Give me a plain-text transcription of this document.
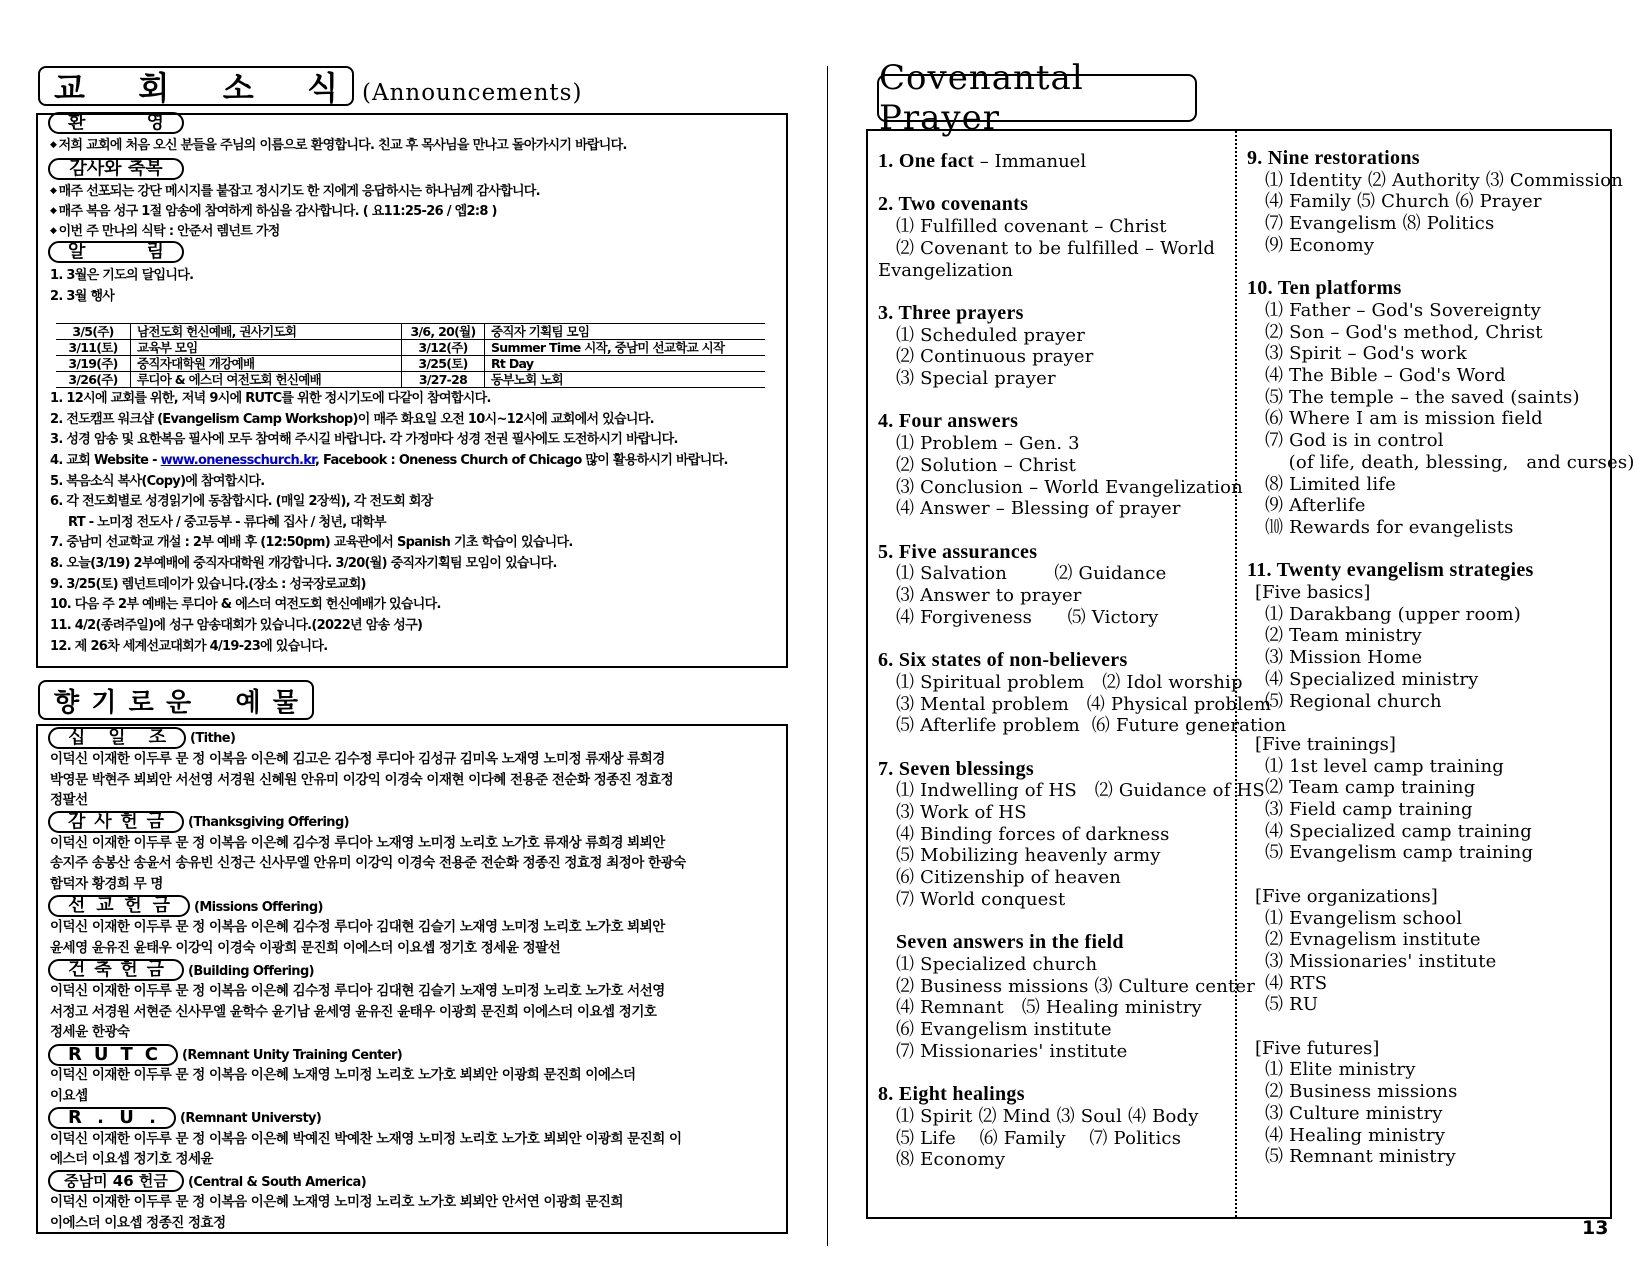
교 회 소 식 (Announcements)
환	영
◆ 저희 교회에 처음 오신 분들을 주님의 이름으로 환영합니다. 친교 후 목사님을 만나고 돌아가시기 바랍니다.
감사와 축복
◆ 매주 선포되는 강단 메시지를 붙잡고 정시기도 한 지에게 응답하시는 하나님께 감사합니다.
◆ 매주 복음 성구 1절 암송에 참여하게 하심을 감사합니다. ( 요11:25-26 / 엡2:8 )
◆ 이번 주 만나의 식탁 : 안준서 렘넌트 가정
알	림
1. 3월은 기도의 달입니다.
2. 3월 행사
3/5(주)	남전도회 헌신예배, 권사기도회	3/6, 20(월)	중직자 기획팀 모임
3/11(토)	교육부 모임	3/12(주)	Summer Time 시작, 중남미 선교학교 시작
3/19(주)	중직자대학원 개강예배	3/25(토)	Rt Day
3/26(주)	루디아 & 에스더 여전도회 헌신예배	3/27-28	동부노회 노회
1. 12시에 교회를 위한, 저녁 9시에 RUTC를 위한 정시기도에 다같이 참여합시다.
2. 전도캠프 워크샵 (Evangelism Camp Workshop)이 매주 화요일 오전 10시~12시에 교회에서 있습니다.
3. 성경 암송 및 요한복음 필사에 모두 참여해 주시길 바랍니다. 각 가정마다 성경 전권 필사에도 도전하시기 바랍니다.
4. 교회 Website - www.onenesschurch.kr, Facebook : Oneness Church of Chicago 많이 활용하시기 바랍니다.
5. 복음소식 복사(Copy)에 참여합시다.
6. 각 전도회별로 성경읽기에 동참합시다. (매일 2장씩), 각 전도회 회장
RT - 노미정 전도사 / 중고등부 - 류다혜 집사 / 청년, 대학부
7. 중남미 선교학교 개설 : 2부 예배 후 (12:50pm) 교육관에서 Spanish 기초 학습이 있습니다.
8. 오늘(3/19) 2부예배에 중직자대학원 개강합니다. 3/20(월) 중직자기획팀 모임이 있습니다.
9. 3/25(토) 렘넌트데이가 있습니다.(장소 : 성국장로교회)
10. 다음 주 2부 예배는 루디아 & 에스더 여전도회 헌신예배가 있습니다.
11. 4/2(종려주일)에 성구 암송대회가 있습니다.(2022년 암송 성구)
12. 제 26차 세계선교대회가 4/19-23에 있습니다.
향 기 로 운 예 물
십 일 조 (Tithe)
이덕신 이재한 이두루 문 정 이복음 이은혜 김고은 김수정 루디아 김성규 김미옥 노재영 노미정 류재상 류희경
박영문 박현주 뵈뵈안 서선영 서경원 신혜원 안유미 이강익 이경숙 이재현 이다혜 전용준 전순화 정종진 정효정
정팔선
감 사 헌 금 (Thanksgiving Offering)
이덕신 이재한 이두루 문 정 이복음 이은혜 김수정 루디아 노재영 노미정 노리호 노가호 류재상 류희경 뵈뵈안
송지주 송봉산 송윤서 송유빈 신정근 신사무엘 안유미 이강익 이경숙 전용준 전순화 정종진 정효정 최정아 한광숙
함덕자 황경희 무 명
선 교 헌 금 (Missions Offering)
이덕신 이재한 이두루 문 정 이복음 이은혜 김수정 루디아 김대현 김슬기 노재영 노미정 노리호 노가호 뵈뵈안
윤세영 윤유진 윤태우 이강익 이경숙 이광희 문진희 이에스더 이요셉 정기호 정세윤 정팔선
건 축 헌 금 (Building Offering)
이덕신 이재한 이두루 문 정 이복음 이은혜 김수정 루디아 김대현 김슬기 노재영 노미정 노리호 노가호 서선영
서정고 서경원 서현준 신사무엘 윤학수 윤기남 윤세영 윤유진 윤태우 이광희 문진희 이에스더 이요셉 정기호
정세윤 한광숙
R U T C (Remnant Unity Training Center)
이덕신 이재한 이두루 문 정 이복음 이은혜 노재영 노미정 노리호 노가호 뵈뵈안 이광희 문진희 이에스더
이요셉
R . U . (Remnant Universty)
이덕신 이재한 이두루 문 정 이복음 이은혜 박예진 박예찬 노재영 노미정 노리호 노가호 뵈뵈안 이광희 문진희 이
에스더 이요셉 정기호 정세윤
중남미 46 헌금 (Central & South America)
이덕신 이재한 이두루 문 정 이복음 이은혜 노재영 노미정 노리호 노가호 뵈뵈안 안서연 이광희 문진희
이에스더 이요셉 정종진 정효정
Covenantal Prayer
1. One fact – Immanuel
2. Two covenants
⑴ Fulfilled covenant – Christ
⑵ Covenant to be fulfilled – World
Evangelization
3. Three prayers
⑴ Scheduled prayer
⑵ Continuous prayer
⑶ Special prayer
4. Four answers
⑴ Problem – Gen. 3
⑵ Solution – Christ
⑶ Conclusion – World Evangelization
⑷ Answer – Blessing of prayer
5. Five assurances
⑴ Salvation        ⑵ Guidance
⑶ Answer to prayer
⑷ Forgiveness      ⑸ Victory
6. Six states of non-believers
⑴ Spiritual problem   ⑵ Idol worship
⑶ Mental problem   ⑷ Physical problem
⑸ Afterlife problem  ⑹ Future generation
7. Seven blessings
⑴ Indwelling of HS   ⑵ Guidance of HS
⑶ Work of HS
⑷ Binding forces of darkness
⑸ Mobilizing heavenly army
⑹ Citizenship of heaven
⑺ World conquest
Seven answers in the field
⑴ Specialized church
⑵ Business missions ⑶ Culture center
⑷ Remnant   ⑸ Healing ministry
⑹ Evangelism institute
⑺ Missionaries' institute
8. Eight healings
⑴ Spirit ⑵ Mind ⑶ Soul ⑷ Body
⑸ Life    ⑹ Family    ⑺ Politics
⑻ Economy
9. Nine restorations
⑴ Identity ⑵ Authority ⑶ Commission
⑷ Family ⑸ Church ⑹ Prayer
⑺ Evangelism ⑻ Politics
⑼ Economy
10. Ten platforms
⑴ Father – God's Sovereignty
⑵ Son – God's method, Christ
⑶ Spirit – God's work
⑷ The Bible – God's Word
⑸ The temple – the saved (saints)
⑹ Where I am is mission field
⑺ God is in control
(of life, death, blessing,   and curses)
⑻ Limited life
⑼ Afterlife
⑽ Rewards for evangelists
11. Twenty evangelism strategies
[Five basics]
⑴ Darakbang (upper room)
⑵ Team ministry
⑶ Mission Home
⑷ Specialized ministry
⑸ Regional church
[Five trainings]
⑴ 1st level camp training
⑵ Team camp training
⑶ Field camp training
⑷ Specialized camp training
⑸ Evangelism camp training
[Five organizations]
⑴ Evangelism school
⑵ Evnagelism institute
⑶ Missionaries' institute
⑷ RTS
⑸ RU
[Five futures]
⑴ Elite ministry
⑵ Business missions
⑶ Culture ministry
⑷ Healing ministry
⑸ Remnant ministry
13
